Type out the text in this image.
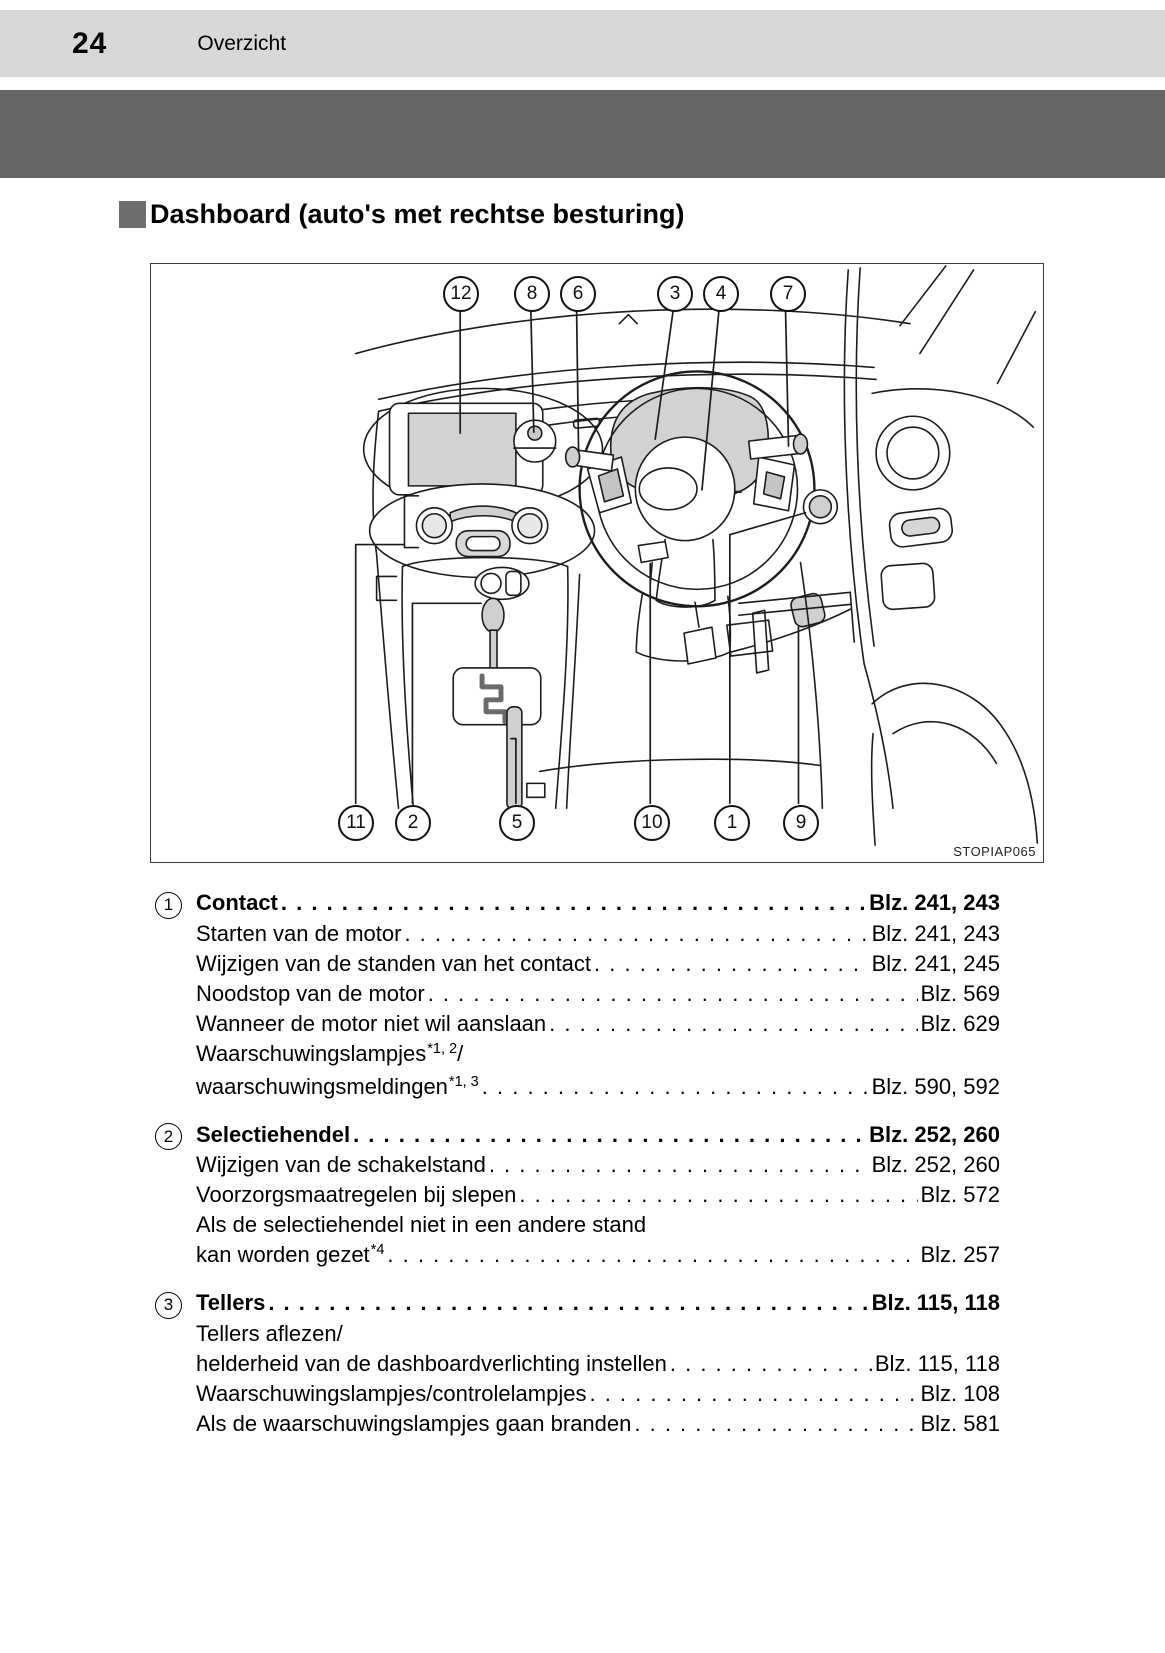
24	Overzicht
Dashboard (auto's met rechtse besturing)
12	8	6	3	4	7
11	2	5	10	1	9
STOPIAP065
1	Contact . . .	Blz. 241, 243
Starten van de motor . . .	Blz. 241, 243
Wijzigen van de standen van het contact . . .	Blz. 241, 245
Noodstop van de motor . . .	Blz. 569
Wanneer de motor niet wil aanslaan . . .	Blz. 629
Waarschuwingslampjes *1, 2 /
waarschuwingsmeldingen *1, 3 . . .	Blz. 590, 592
2	Selectiehendel . . .	Blz. 252, 260
Wijzigen van de schakelstand . . .	Blz. 252, 260
Voorzorgsmaatregelen bij slepen . . .	Blz. 572
Als de selectiehendel niet in een andere stand
kan worden gezet *4 . . .	Blz. 257
3	Tellers . . .	Blz. 115, 118
Tellers aflezen/
helderheid van de dashboardverlichting instellen . . .	Blz. 115, 118
Waarschuwingslampjes/controlelampjes . . .	Blz. 108
Als de waarschuwingslampjes gaan branden . . .	Blz. 581
